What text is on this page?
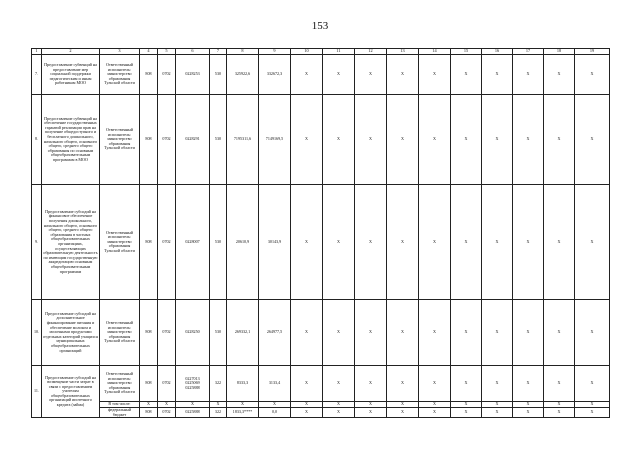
153
1	2	3	4	5	6	7	8	9	10	11	12	13	14	15	16	17	18	19

7.	Предоставление субвенций на предоставление мер социальной поддержки педагогическим и иным работникам МОО	Ответственный исполнитель: министерство образования Тульской области	808	0702	0228253	530	325922,6	332672,3	X	X	X	X	X	X	X	X	X	X

8.	Предоставление субвенций на обеспечение государственных гарантий реализации прав на получение общедоступного и бесплатного дошкольного, начального общего, основного общего, среднего общего образования по основным общеобразовательным программам в МОО	Ответственный исполнитель: министерство образования Тульской области	808	0702	0228291	530	7195311,6	7149169,5	X	X	X	X	X	X	X	X	X	X

9.	Предоставление субсидий на финансовое обеспечение получения дошкольного, начального общего, основного общего, среднего общего образования в частных общеобразовательных организациях, осуществляющих образовательную деятельность по имеющим государственную аккредитацию основным общеобразовательным программам	Ответственный исполнитель: министерство образования Тульской области	808	0702	0228007	530	20610,9	30143,9	X	X	X	X	X	X	X	X	X	X

10.	Предоставление субсидий на дополнительное финансирование питания и обеспечение молоком и молочными продуктами отдельных категорий учащихся муниципальных общеобразовательных организаций	Ответственный исполнитель: министерство образования Тульской области	808	0702	0228250	530	269332,1	264977,5	X	X	X	X	X	X	X	X	X	X

11.	Предоставление субсидий на возмещение части затрат в связи с предоставлением учителям общеобразовательных организаций ипотечного кредита (займа)	Ответственный исполнитель: министерство образования Тульской области	808	0702	0227013
0225069
0225888	322	8333,3	3133,4	X	X	X	X	X	X	X	X	X	X

		В том числе:	X	X	X	X	X	X	X	X	X	X	X	X	X	X	X	X

		федеральный бюджет	808	0702	0225888	322	1833,3****	0,0	X	X	X	X	X	X	X	X	X	X
